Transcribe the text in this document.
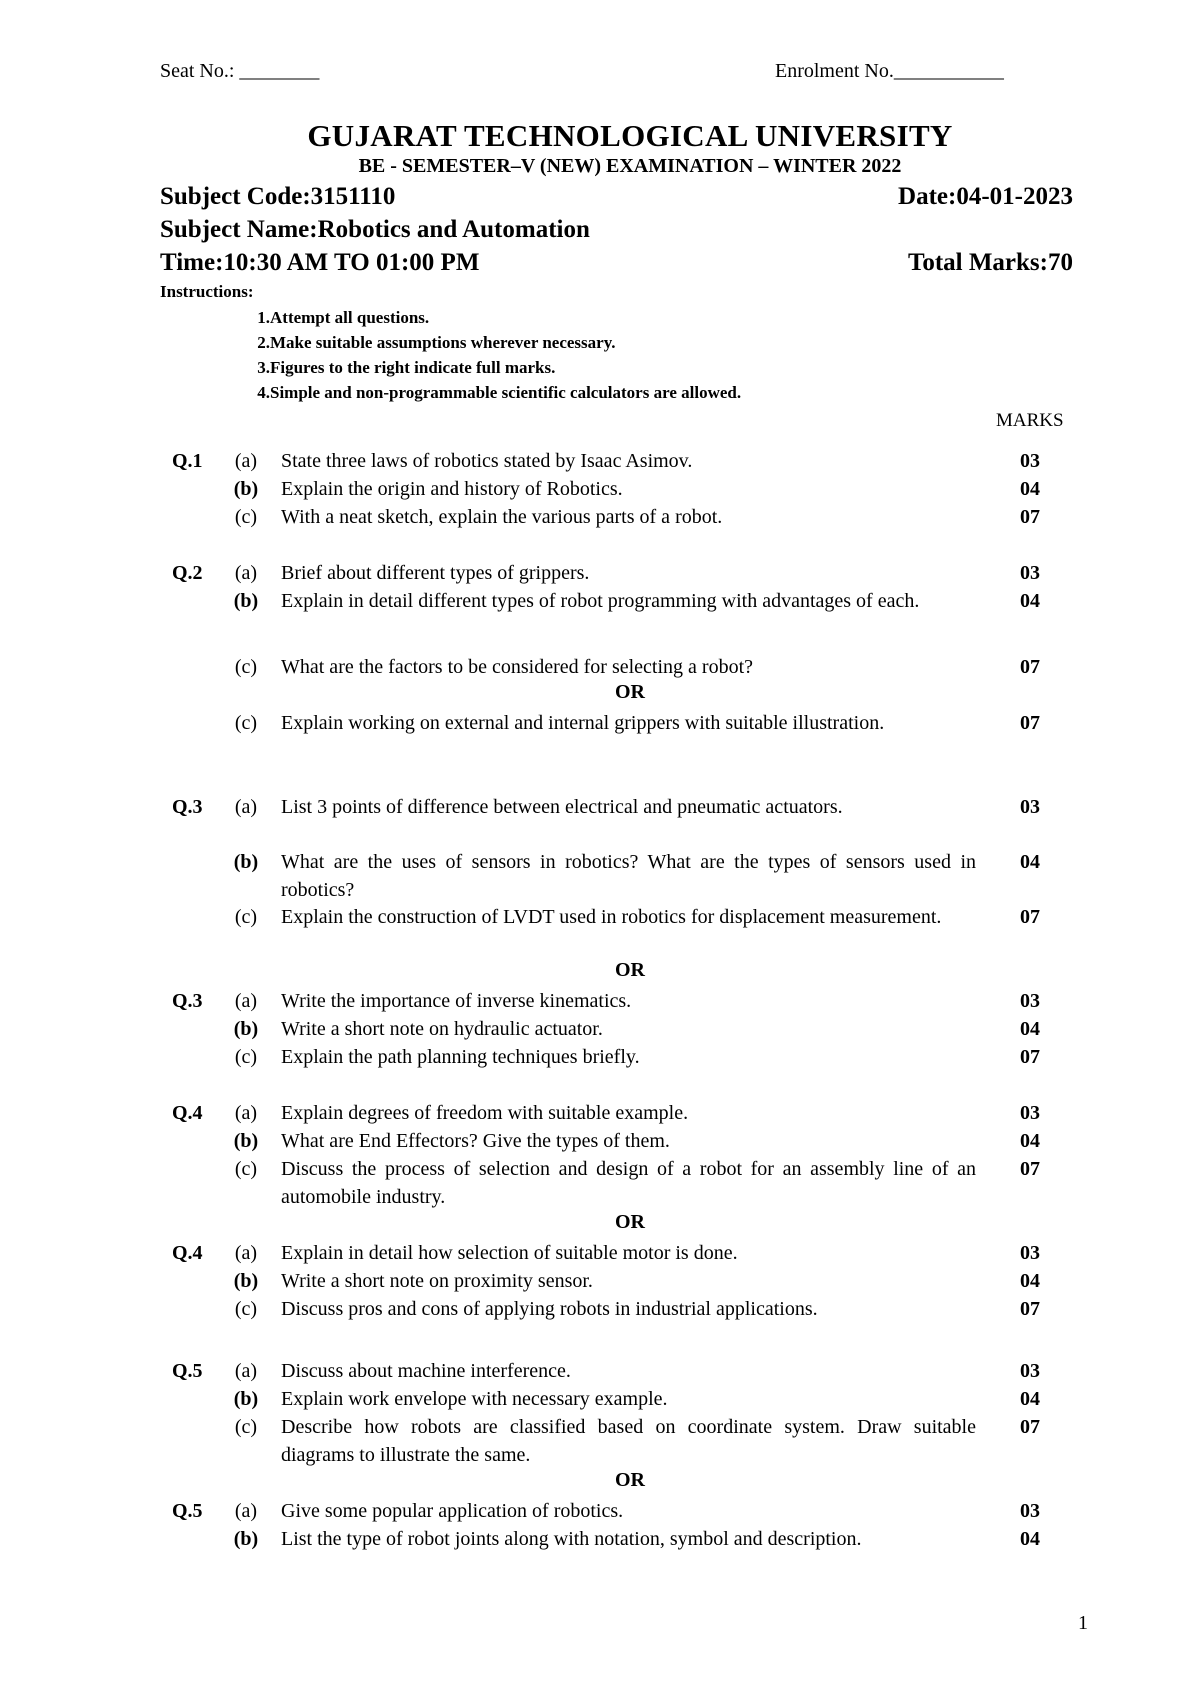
Seat No.: ________	Enrolment No.___________
GUJARAT TECHNOLOGICAL UNIVERSITY
BE - SEMESTER–V (NEW) EXAMINATION – WINTER 2022
Subject Code:3151110	Date:04-01-2023
Subject Name:Robotics and Automation
Time:10:30 AM TO 01:00 PM	Total Marks:70
Instructions:
1. Attempt all questions.
2. Make suitable assumptions wherever necessary.
3. Figures to the right indicate full marks.
4. Simple and non-programmable scientific calculators are allowed.
MARKS
Q.1	(a)	State three laws of robotics stated by Isaac Asimov.	03
(b) Explain the origin and history of Robotics.	04
(c)	With a neat sketch, explain the various parts of a robot.	07
Q.2	(a)	Brief about different types of grippers.	03
(b) Explain in detail different types of robot programming with advantages of each.	04
(c)	What are the factors to be considered for selecting a robot?	07
OR
(c)	Explain working on external and internal grippers with suitable illustration.	07
Q.3	(a)	List 3 points of difference between electrical and pneumatic actuators.	03
(b) What are the uses of sensors in robotics? What are the types of sensors used in robotics?
04
(c)	Explain the construction of LVDT used in robotics for displacement measurement.	07
OR
Q.3	(a)	Write the importance of inverse kinematics.	03
(b) Write a short note on hydraulic actuator.	04
(c)	Explain the path planning techniques briefly.	07
Q.4	(a)	Explain degrees of freedom with suitable example.	03
(b) What are End Effectors? Give the types of them.	04
(c)	Discuss the process of selection and design of a robot for an assembly line of an automobile industry.
07
OR
Q.4	(a)	Explain in detail how selection of suitable motor is done.	03
(b) Write a short note on proximity sensor.	04
(c)	Discuss pros and cons of applying robots in industrial applications.	07
Q.5	(a)	Discuss about machine interference.	03
(b) Explain work envelope with necessary example.	04
(c)	Describe how robots are classified based on coordinate system. Draw suitable diagrams to illustrate the same.
07
OR
Q.5	(a)	Give some popular application of robotics.	03
(b) List the type of robot joints along with notation, symbol and description.	04
1
